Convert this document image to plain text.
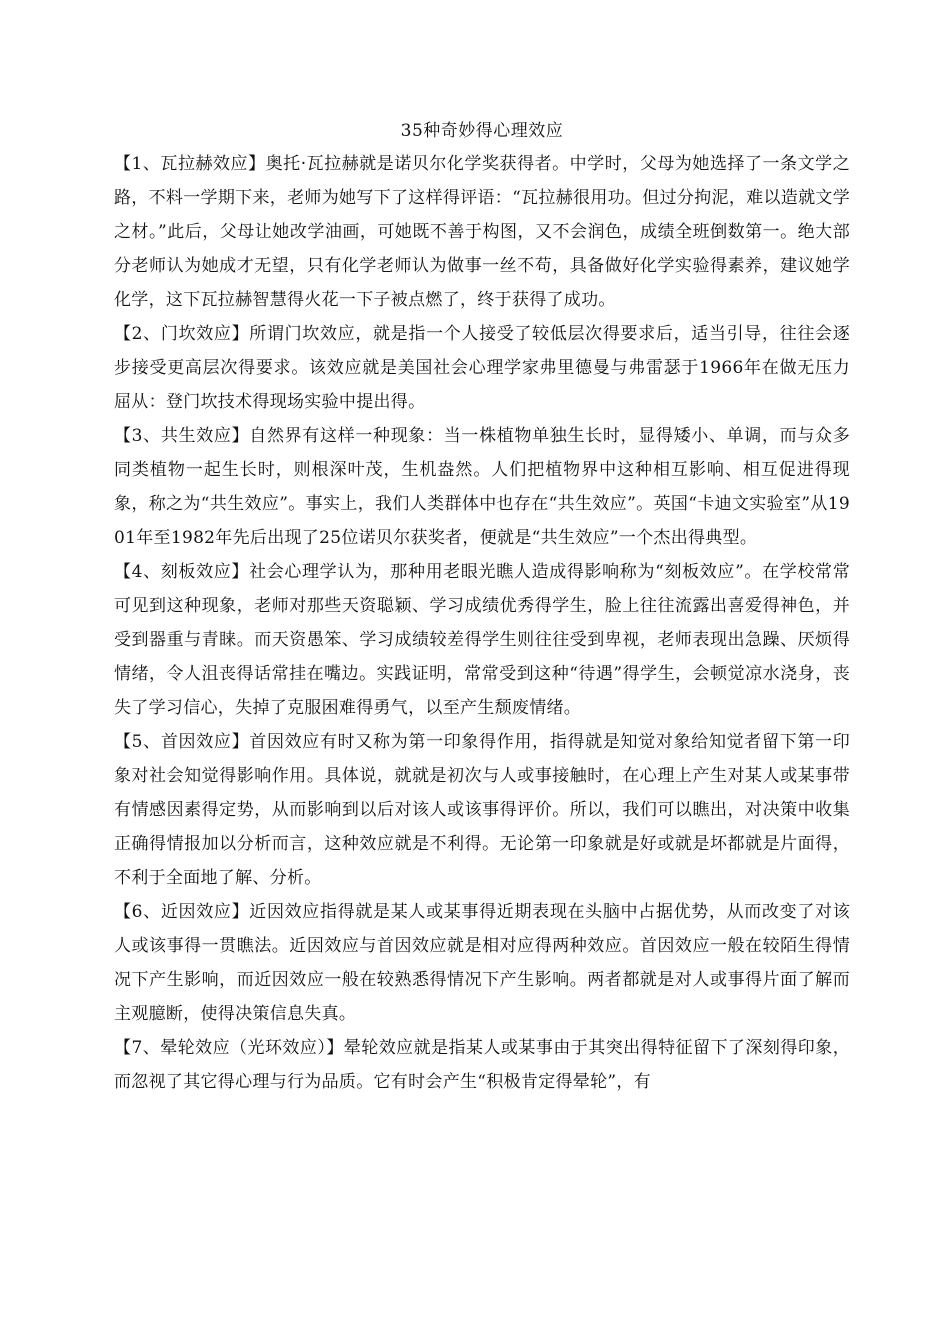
35种奇妙得心理效应

【1、瓦拉赫效应】奥托·瓦拉赫就是诺贝尔化学奖获得者。中学时，父母为她选择了一条文学之路，不料一学期下来，老师为她写下了这样得评语：“瓦拉赫很用功。但过分拘泥，难以造就文学之材。”此后，父母让她改学油画，可她既不善于构图，又不会润色，成绩全班倒数第一。绝大部分老师认为她成才无望，只有化学老师认为做事一丝不苟，具备做好化学实验得素养，建议她学化学，这下瓦拉赫智慧得火花一下子被点燃了，终于获得了成功。

【2、门坎效应】所谓门坎效应，就是指一个人接受了较低层次得要求后，适当引导，往往会逐步接受更高层次得要求。该效应就是美国社会心理学家弗里德曼与弗雷瑟于1966年在做无压力屈从：登门坎技术得现场实验中提出得。

【3、共生效应】自然界有这样一种现象：当一株植物单独生长时，显得矮小、单调，而与众多同类植物一起生长时，则根深叶茂，生机盎然。人们把植物界中这种相互影响、相互促进得现象，称之为“共生效应”。事实上，我们人类群体中也存在“共生效应”。英国“卡迪文实验室”从1901年至1982年先后出现了25位诺贝尔获奖者，便就是“共生效应”一个杰出得典型。

【4、刻板效应】社会心理学认为，那种用老眼光瞧人造成得影响称为“刻板效应”。在学校常常可见到这种现象，老师对那些天资聪颖、学习成绩优秀得学生，脸上往往流露出喜爱得神色，并受到器重与青睐。而天资愚笨、学习成绩较差得学生则往往受到卑视，老师表现出急躁、厌烦得情绪，令人沮丧得话常挂在嘴边。实践证明，常常受到这种“待遇”得学生，会顿觉凉水浇身，丧失了学习信心，失掉了克服困难得勇气，以至产生颓废情绪。

【5、首因效应】首因效应有时又称为第一印象得作用，指得就是知觉对象给知觉者留下第一印象对社会知觉得影响作用。具体说，就就是初次与人或事接触时，在心理上产生对某人或某事带有情感因素得定势，从而影响到以后对该人或该事得评价。所以，我们可以瞧出，对决策中收集正确得情报加以分析而言，这种效应就是不利得。无论第一印象就是好或就是坏都就是片面得，不利于全面地了解、分析。

【6、近因效应】近因效应指得就是某人或某事得近期表现在头脑中占据优势，从而改变了对该人或该事得一贯瞧法。近因效应与首因效应就是相对应得两种效应。首因效应一般在较陌生得情况下产生影响，而近因效应一般在较熟悉得情况下产生影响。两者都就是对人或事得片面了解而主观臆断，使得决策信息失真。

【7、晕轮效应（光环效应）】晕轮效应就是指某人或某事由于其突出得特征留下了深刻得印象，而忽视了其它得心理与行为品质。它有时会产生“积极肯定得晕轮”，有
